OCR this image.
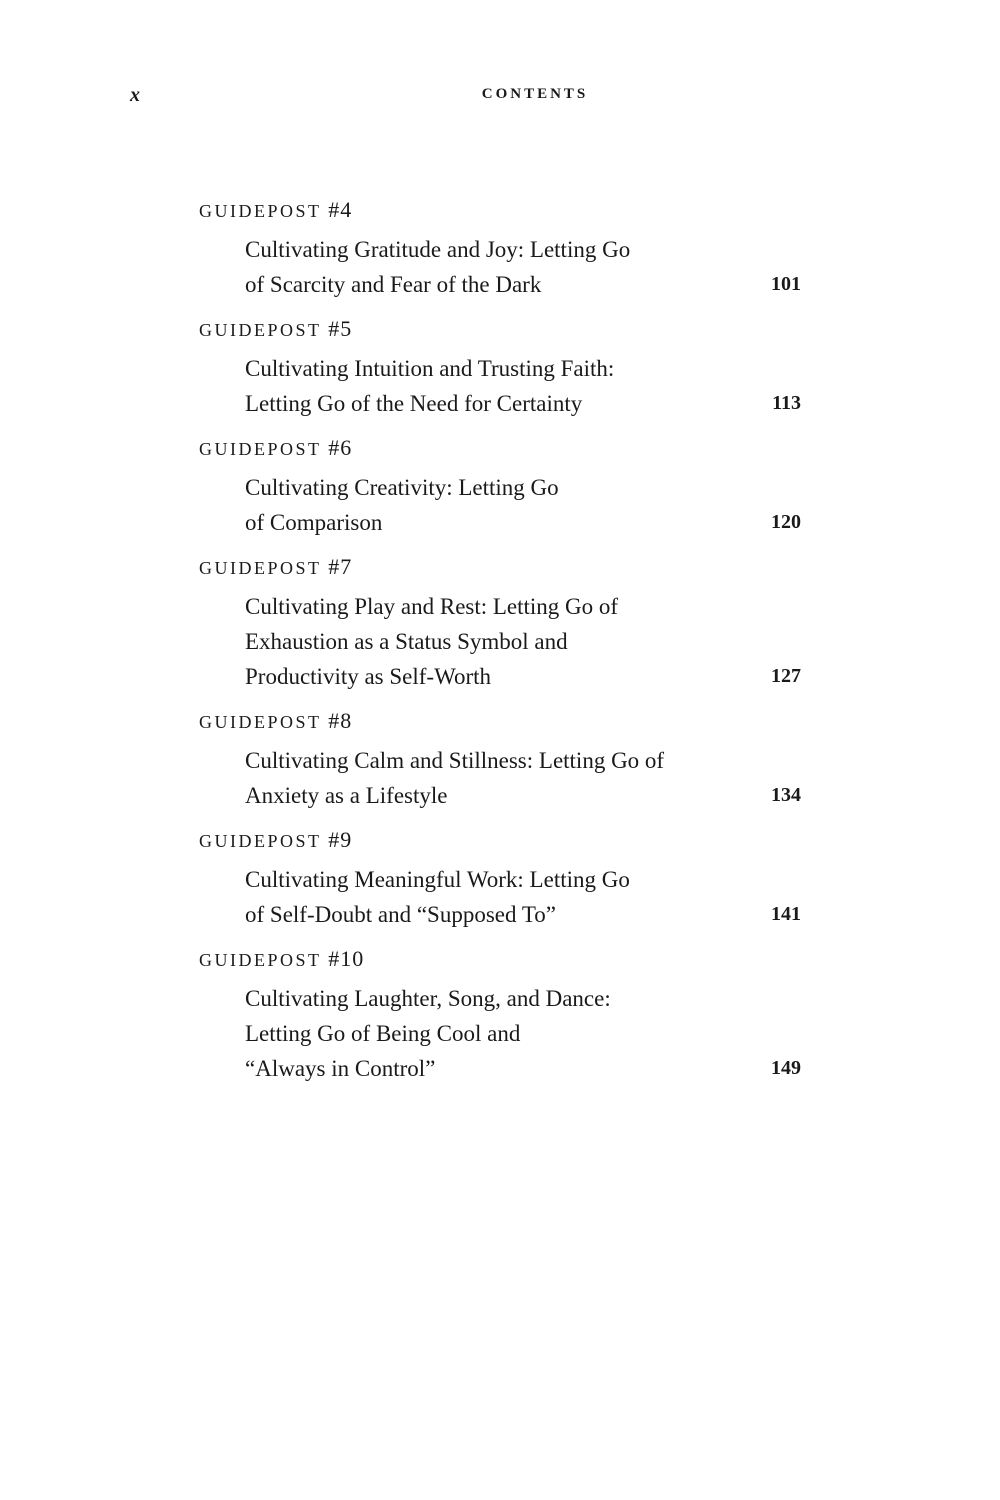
x	CONTENTS
GUIDEPOST #4
Cultivating Gratitude and Joy: Letting Go
of Scarcity and Fear of the Dark	101
GUIDEPOST #5
Cultivating Intuition and Trusting Faith:
Letting Go of the Need for Certainty	113
GUIDEPOST #6
Cultivating Creativity: Letting Go
of Comparison	120
GUIDEPOST #7
Cultivating Play and Rest: Letting Go of
Exhaustion as a Status Symbol and
Productivity as Self-Worth	127
GUIDEPOST #8
Cultivating Calm and Stillness: Letting Go of
Anxiety as a Lifestyle	134
GUIDEPOST #9
Cultivating Meaningful Work: Letting Go
of Self-Doubt and “Supposed To”	141
GUIDEPOST #10
Cultivating Laughter, Song, and Dance:
Letting Go of Being Cool and
“Always in Control”	149
